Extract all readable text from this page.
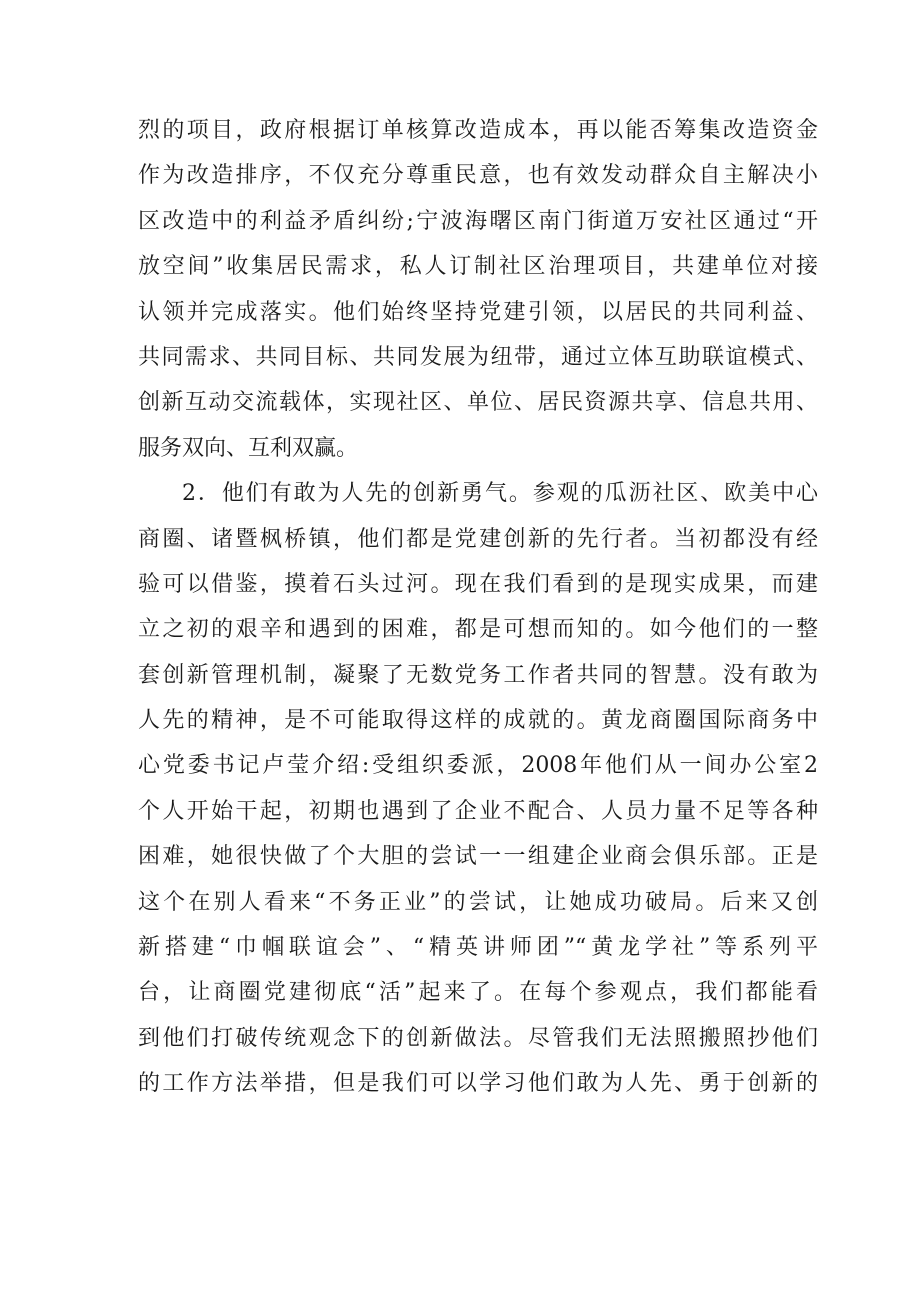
烈的项目，政府根据订单核算改造成本，再以能否筹集改造资金
作为改造排序，不仅充分尊重民意，也有效发动群众自主解决小
区改造中的利益矛盾纠纷;宁波海曙区南门街道万安社区通过“开
放空间”收集居民需求，私人订制社区治理项目，共建单位对接
认领并完成落实。他们始终坚持党建引领，以居民的共同利益、
共同需求、共同目标、共同发展为纽带，通过立体互助联谊模式、
创新互动交流载体，实现社区、单位、居民资源共享、信息共用、
服务双向、互利双赢。
2．他们有敢为人先的创新勇气。参观的瓜沥社区、欧美中心
商圈、诸暨枫桥镇，他们都是党建创新的先行者。当初都没有经
验可以借鉴，摸着石头过河。现在我们看到的是现实成果，而建
立之初的艰辛和遇到的困难，都是可想而知的。如今他们的一整
套创新管理机制，凝聚了无数党务工作者共同的智慧。没有敢为
人先的精神，是不可能取得这样的成就的。黄龙商圈国际商务中
心党委书记卢莹介绍:受组织委派，2008年他们从一间办公室2
个人开始干起，初期也遇到了企业不配合、人员力量不足等各种
困难，她很快做了个大胆的尝试一一组建企业商会俱乐部。正是
这个在别人看来“不务正业”的尝试，让她成功破局。后来又创
新搭建“巾帼联谊会”、“精英讲师团”“黄龙学社”等系列平
台，让商圈党建彻底“活”起来了。在每个参观点，我们都能看
到他们打破传统观念下的创新做法。尽管我们无法照搬照抄他们
的工作方法举措，但是我们可以学习他们敢为人先、勇于创新的
